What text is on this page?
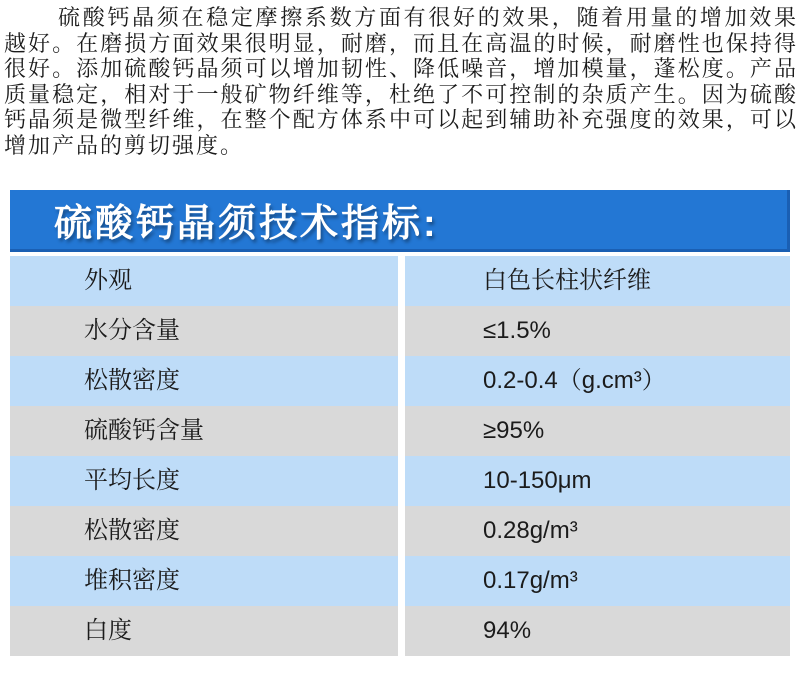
硫酸钙晶须在稳定摩擦系数方面有很好的效果，随着用量的增加效果越好。在磨损方面效果很明显，耐磨，而且在高温的时候，耐磨性也保持得很好。添加硫酸钙晶须可以增加韧性、降低噪音，增加模量，蓬松度。产品质量稳定，相对于一般矿物纤维等，杜绝了不可控制的杂质产生。因为硫酸钙晶须是微型纤维，在整个配方体系中可以起到辅助补充强度的效果，可以增加产品的剪切强度。

硫酸钙晶须技术指标:
外观	白色长柱状纤维
水分含量	≤1.5%
松散密度	0.2-0.4（g.cm³）
硫酸钙含量	≥95%
平均长度	10-150μm
松散密度	0.28g/m³
堆积密度	0.17g/m³
白度	94%
